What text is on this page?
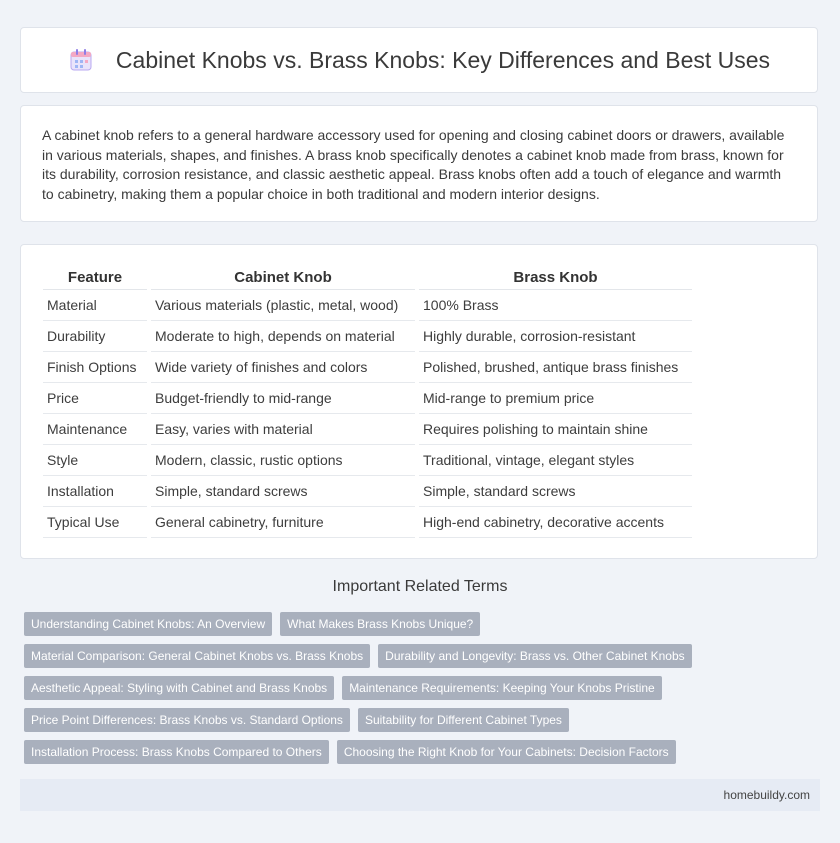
Cabinet Knobs vs. Brass Knobs: Key Differences and Best Uses

A cabinet knob refers to a general hardware accessory used for opening and closing cabinet doors or drawers, available in various materials, shapes, and finishes. A brass knob specifically denotes a cabinet knob made from brass, known for its durability, corrosion resistance, and classic aesthetic appeal. Brass knobs often add a touch of elegance and warmth to cabinetry, making them a popular choice in both traditional and modern interior designs.

Feature	Cabinet Knob	Brass Knob
Material	Various materials (plastic, metal, wood)	100% Brass
Durability	Moderate to high, depends on material	Highly durable, corrosion-resistant
Finish Options	Wide variety of finishes and colors	Polished, brushed, antique brass finishes
Price	Budget-friendly to mid-range	Mid-range to premium price
Maintenance	Easy, varies with material	Requires polishing to maintain shine
Style	Modern, classic, rustic options	Traditional, vintage, elegant styles
Installation	Simple, standard screws	Simple, standard screws
Typical Use	General cabinetry, furniture	High-end cabinetry, decorative accents
Important Related Terms
Understanding Cabinet Knobs: An Overview	What Makes Brass Knobs Unique?
Material Comparison: General Cabinet Knobs vs. Brass Knobs	Durability and Longevity: Brass vs. Other Cabinet Knobs
Aesthetic Appeal: Styling with Cabinet and Brass Knobs	Maintenance Requirements: Keeping Your Knobs Pristine
Price Point Differences: Brass Knobs vs. Standard Options	Suitability for Different Cabinet Types
Installation Process: Brass Knobs Compared to Others	Choosing the Right Knob for Your Cabinets: Decision Factors
homebuildy.com
